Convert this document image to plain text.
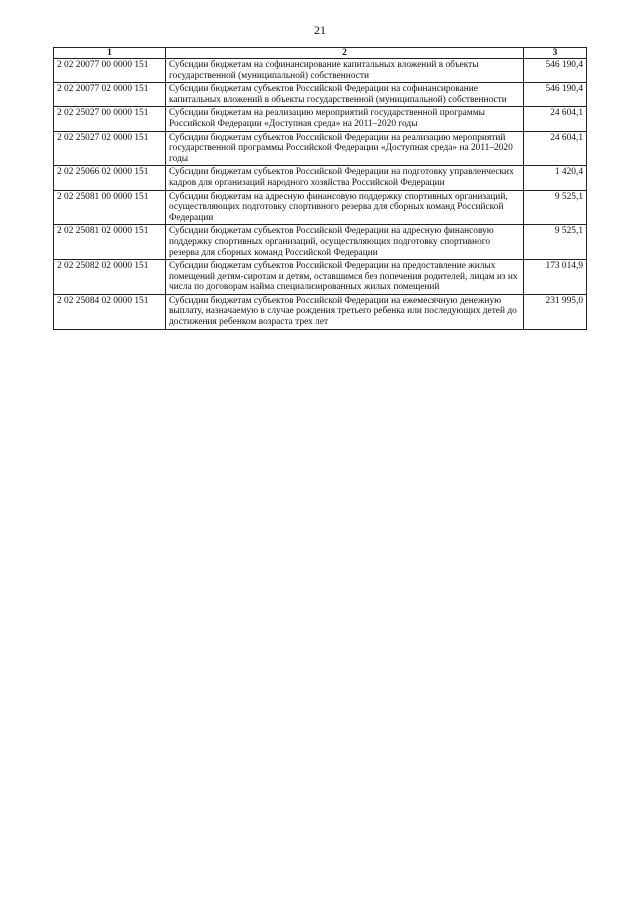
21
1	2	3
2 02 20077 00 0000 151	Субсидии бюджетам на софинансирование капитальных вложений в объекты государственной (муниципальной) собственности	546 190,4
2 02 20077 02 0000 151	Субсидии бюджетам субъектов Российской Федерации на софинансирование капитальных вложений в объекты государственной (муниципальной) собственности	546 190,4
2 02 25027 00 0000 151	Субсидии бюджетам на реализацию мероприятий государственной программы Российской Федерации «Доступная среда» на 2011–2020 годы	24 604,1
2 02 25027 02 0000 151	Субсидии бюджетам субъектов Российской Федерации на реализацию мероприятий государственной программы Российской Федерации «Доступная среда» на 2011–2020 годы	24 604,1
2 02 25066 02 0000 151	Субсидии бюджетам субъектов Российской Федерации на подготовку управленческих кадров для организаций народного хозяйства Российской Федерации	1 420,4
2 02 25081 00 0000 151	Субсидии бюджетам на адресную финансовую поддержку спортивных организаций, осуществляющих подготовку спортивного резерва для сборных команд Российской Федерации	9 525,1
2 02 25081 02 0000 151	Субсидии бюджетам субъектов Российской Федерации на адресную финансовую поддержку спортивных организаций, осуществляющих подготовку спортивного резерва для сборных команд Российской Федерации	9 525,1
2 02 25082 02 0000 151	Субсидии бюджетам субъектов Российской Федерации на предоставление жилых помещений детям-сиротам и детям, оставшимся без попечения родителей, лицам из их числа по договорам найма специализированных жилых помещений	173 014,9
2 02 25084 02 0000 151	Субсидии бюджетам субъектов Российской Федерации на ежемесячную денежную выплату, назначаемую в случае рождения третьего ребенка или последующих детей до достижения ребенком возраста трех лет	231 995,0
